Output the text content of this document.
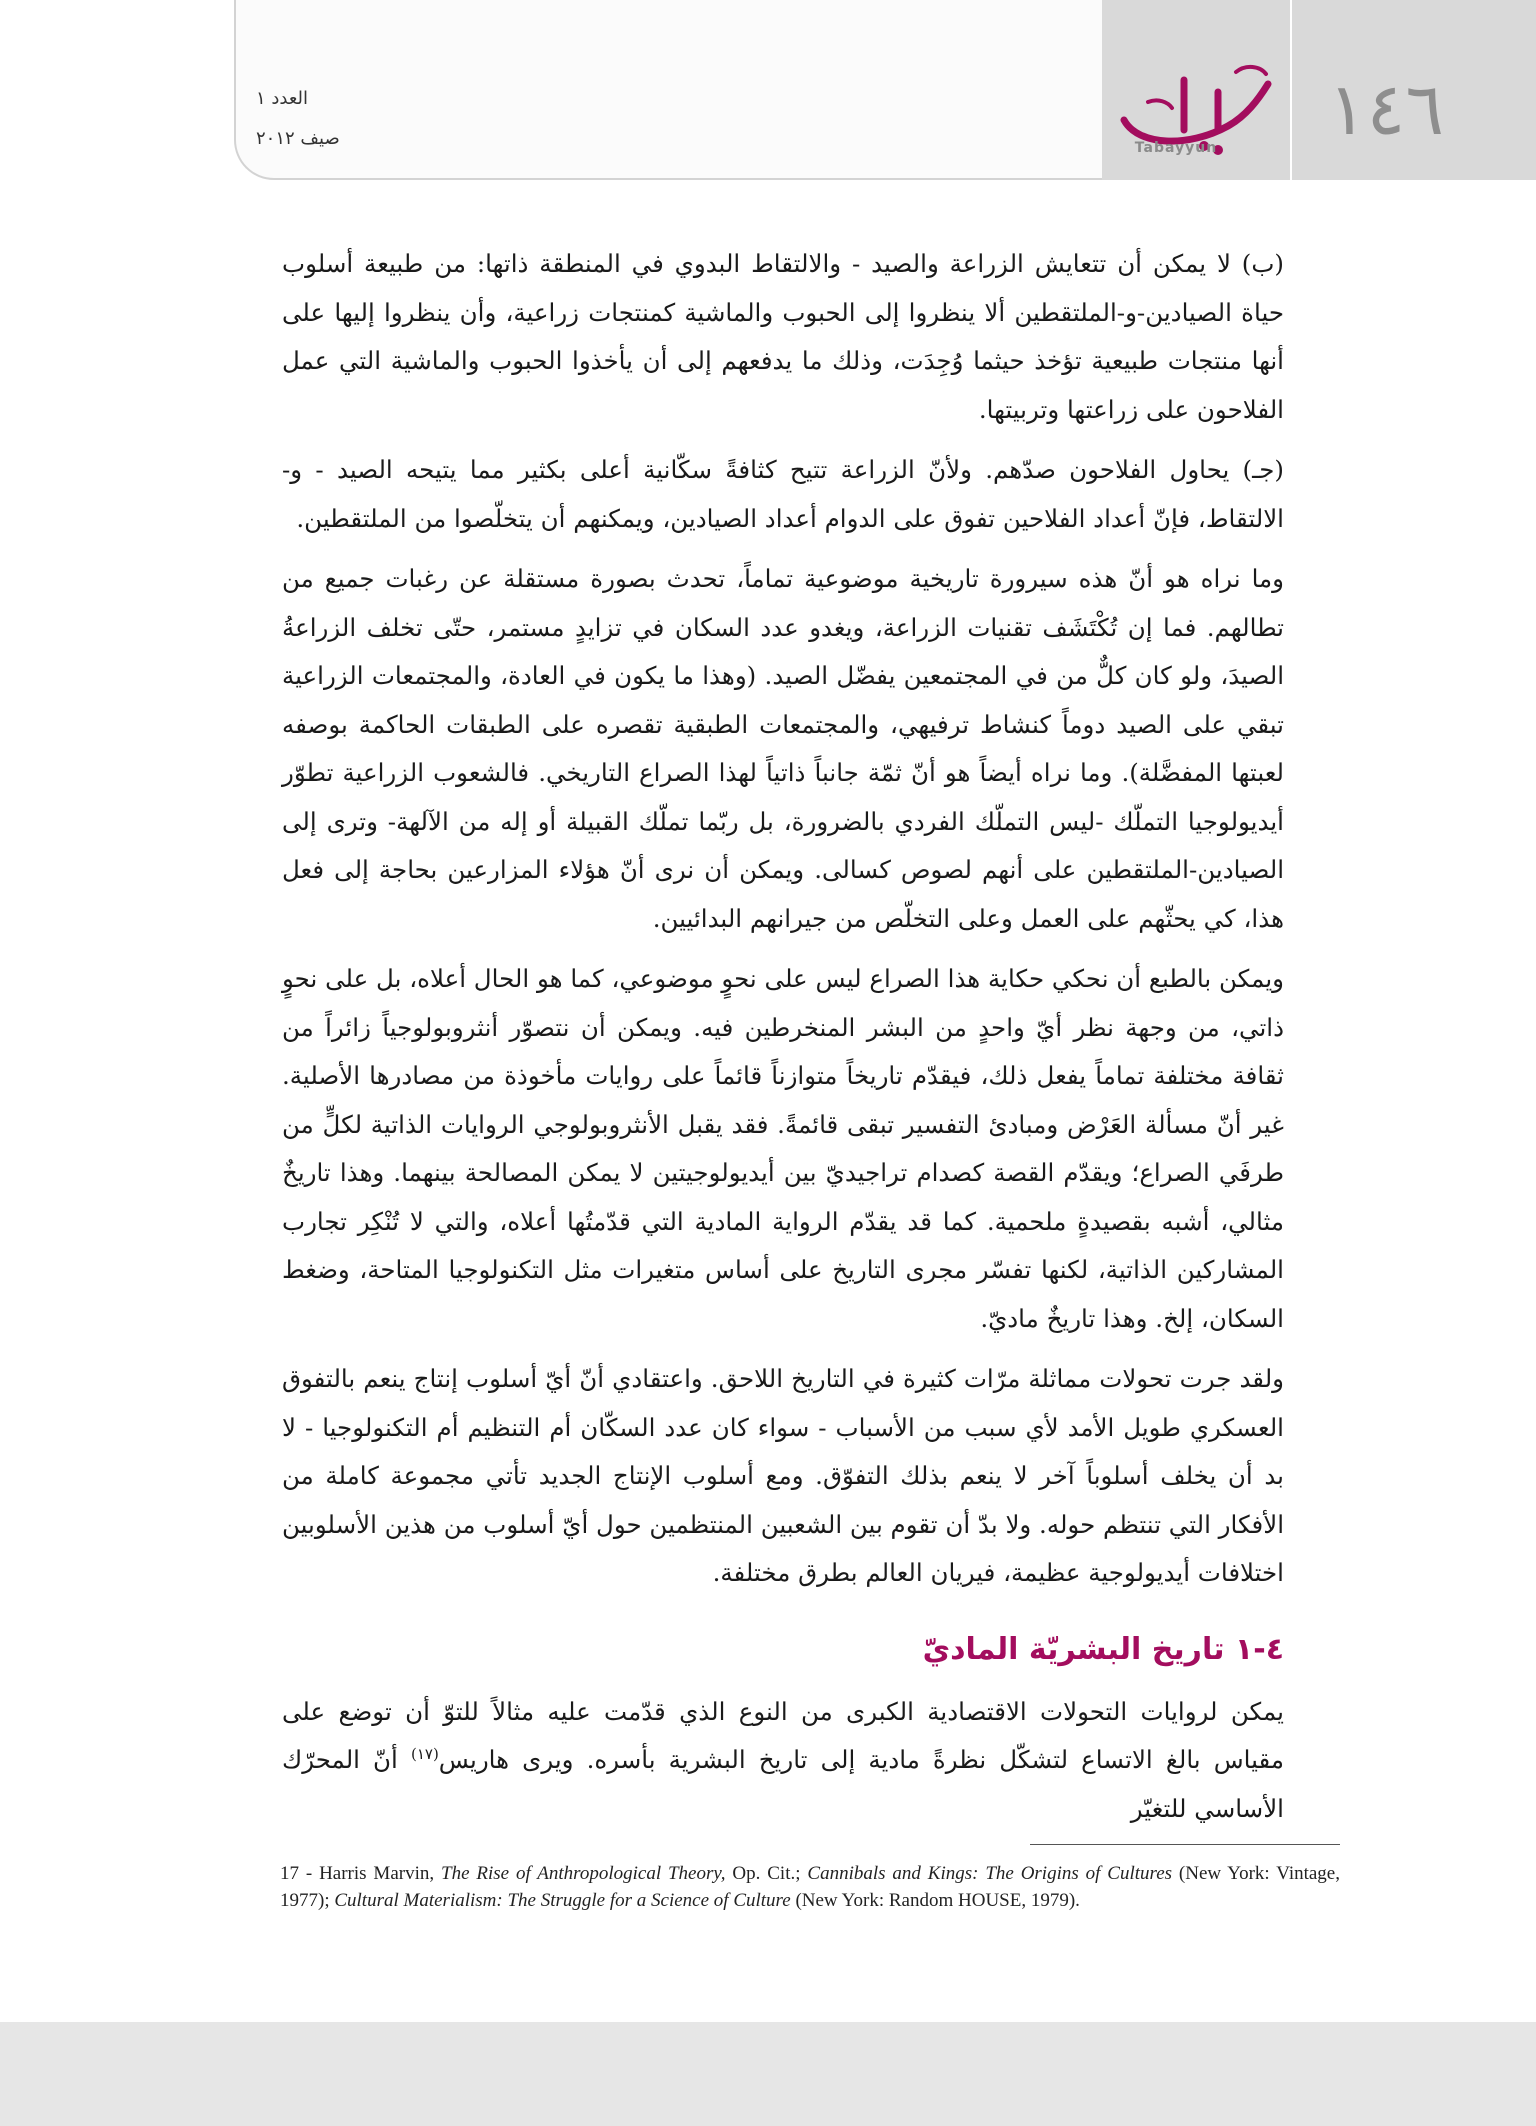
١٤٦
Tabayyun
العدد ١
صيف ٢٠١٢

(ب) لا يمكن أن تتعايش الزراعة والصيد - والالتقاط البدوي في المنطقة ذاتها: من طبيعة أسلوب حياة الصيادين-و-الملتقطين ألا ينظروا إلى الحبوب والماشية كمنتجات زراعية، وأن ينظروا إليها على أنها منتجات طبيعية تؤخذ حيثما وُجِدَت، وذلك ما يدفعهم إلى أن يأخذوا الحبوب والماشية التي عمل الفلاحون على زراعتها وتربيتها.

(جـ) يحاول الفلاحون صدّهم. ولأنّ الزراعة تتيح كثافةً سكّانية أعلى بكثير مما يتيحه الصيد - و- الالتقاط، فإنّ أعداد الفلاحين تفوق على الدوام أعداد الصيادين، ويمكنهم أن يتخلّصوا من الملتقطين.

وما نراه هو أنّ هذه سيرورة تاريخية موضوعية تماماً، تحدث بصورة مستقلة عن رغبات جميع من تطالهم. فما إن تُكْتَشَف تقنيات الزراعة، ويغدو عدد السكان في تزايدٍ مستمر، حتّى تخلف الزراعةُ الصيدَ، ولو كان كلٌّ من في المجتمعين يفضّل الصيد. (وهذا ما يكون في العادة، والمجتمعات الزراعية تبقي على الصيد دوماً كنشاط ترفيهي، والمجتمعات الطبقية تقصره على الطبقات الحاكمة بوصفه لعبتها المفضَّلة). وما نراه أيضاً هو أنّ ثمّة جانباً ذاتياً لهذا الصراع التاريخي. فالشعوب الزراعية تطوّر أيديولوجيا التملّك -ليس التملّك الفردي بالضرورة، بل ربّما تملّك القبيلة أو إله من الآلهة- وترى إلى الصيادين-الملتقطين على أنهم لصوص كسالى. ويمكن أن نرى أنّ هؤلاء المزارعين بحاجة إلى فعل هذا، كي يحثّهم على العمل وعلى التخلّص من جيرانهم البدائيين.

ويمكن بالطبع أن نحكي حكاية هذا الصراع ليس على نحوٍ موضوعي، كما هو الحال أعلاه، بل على نحوٍ ذاتي، من وجهة نظر أيّ واحدٍ من البشر المنخرطين فيه. ويمكن أن نتصوّر أنثروبولوجياً زائراً من ثقافة مختلفة تماماً يفعل ذلك، فيقدّم تاريخاً متوازناً قائماً على روايات مأخوذة من مصادرها الأصلية. غير أنّ مسألة العَرْض ومبادئ التفسير تبقى قائمةً. فقد يقبل الأنثروبولوجي الروايات الذاتية لكلٍّ من طرفَي الصراع؛ ويقدّم القصة كصدام تراجيديّ بين أيديولوجيتين لا يمكن المصالحة بينهما. وهذا تاريخٌ مثالي، أشبه بقصيدةٍ ملحمية. كما قد يقدّم الرواية المادية التي قدّمتُها أعلاه، والتي لا تُنْكِر تجارب المشاركين الذاتية، لكنها تفسّر مجرى التاريخ على أساس متغيرات مثل التكنولوجيا المتاحة، وضغط السكان، إلخ. وهذا تاريخٌ ماديّ.

ولقد جرت تحولات مماثلة مرّات كثيرة في التاريخ اللاحق. واعتقادي أنّ أيّ أسلوب إنتاج ينعم بالتفوق العسكري طويل الأمد لأي سبب من الأسباب - سواء كان عدد السكّان أم التنظيم أم التكنولوجيا - لا بد أن يخلف أسلوباً آخر لا ينعم بذلك التفوّق. ومع أسلوب الإنتاج الجديد تأتي مجموعة كاملة من الأفكار التي تنتظم حوله. ولا بدّ أن تقوم بين الشعبين المنتظمين حول أيّ أسلوب من هذين الأسلوبين اختلافات أيديولوجية عظيمة، فيريان العالم بطرق مختلفة.

٤-١ تاريخ البشريّة الماديّ

يمكن لروايات التحولات الاقتصادية الكبرى من النوع الذي قدّمت عليه مثالاً للتوّ أن توضع على مقياس بالغ الاتساع لتشكّل نظرةً مادية إلى تاريخ البشرية بأسره. ويرى هاريس$^{(١٧)}$ أنّ المحرّك الأساسي للتغيّر

17 - Harris Marvin, The Rise of Anthropological Theory, Op. Cit.; Cannibals and Kings: The Origins of Cultures (New York: Vintage, 1977); Cultural Materialism: The Struggle for a Science of Culture (New York: Random HOUSE, 1979).
